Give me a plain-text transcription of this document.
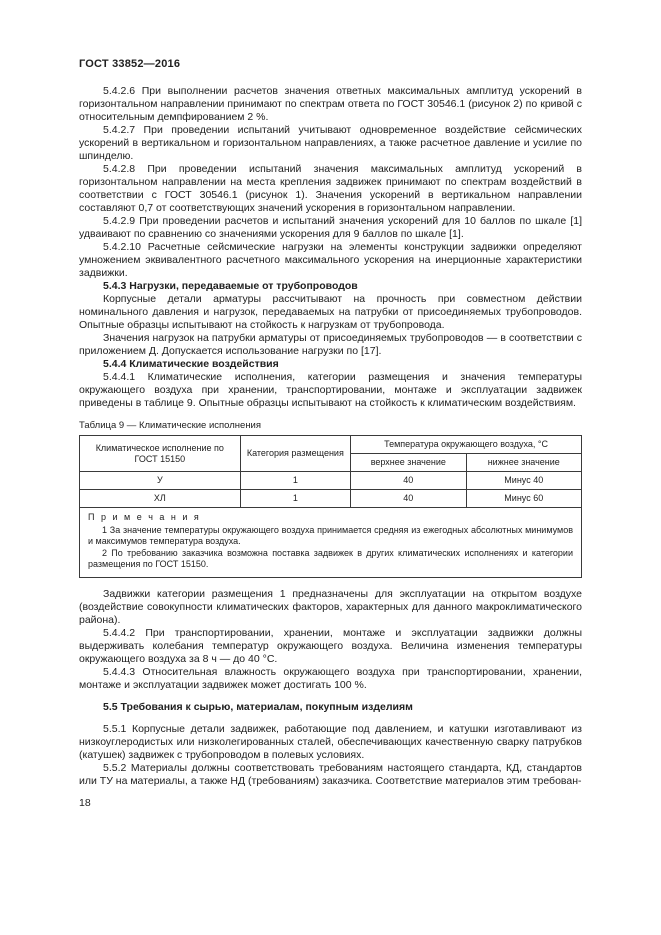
ГОСТ 33852—2016

5.4.2.6 При выполнении расчетов значения ответных максимальных амплитуд ускорений в горизонтальном направлении принимают по спектрам ответа по ГОСТ 30546.1 (рисунок 2) по кривой с относительным демпфированием 2 %.

5.4.2.7 При проведении испытаний учитывают одновременное воздействие сейсмических ускорений в вертикальном и горизонтальном направлениях, а также расчетное давление и усилие по шпинделю.

5.4.2.8 При проведении испытаний значения максимальных амплитуд ускорений в горизонтальном направлении на места крепления задвижек принимают по спектрам воздействий в соответствии с ГОСТ 30546.1 (рисунок 1). Значения ускорений в вертикальном направлении составляют 0,7 от соответствующих значений ускорения в горизонтальном направлении.

5.4.2.9 При проведении расчетов и испытаний значения ускорений для 10 баллов по шкале [1] удваивают по сравнению со значениями ускорения для 9 баллов по шкале [1].

5.4.2.10 Расчетные сейсмические нагрузки на элементы конструкции задвижки определяют умножением эквивалентного расчетного максимального ускорения на инерционные характеристики задвижки.

5.4.3 Нагрузки, передаваемые от трубопроводов

Корпусные детали арматуры рассчитывают на прочность при совместном действии номинального давления и нагрузок, передаваемых на патрубки от присоединяемых трубопроводов. Опытные образцы испытывают на стойкость к нагрузкам от трубопровода.

Значения нагрузок на патрубки арматуры от присоединяемых трубопроводов — в соответствии с приложением Д. Допускается использование нагрузки по [17].

5.4.4 Климатические воздействия

5.4.4.1 Климатические исполнения, категории размещения и значения температуры окружающего воздуха при хранении, транспортировании, монтаже и эксплуатации задвижек приведены в таблице 9. Опытные образцы испытывают на стойкость к климатическим воздействиям.

Таблица 9 — Климатические исполнения

Климатическое исполнение по ГОСТ 15150	Категория размещения	Температура окружающего воздуха, °С	
		верхнее значение	нижнее значение
У	1	40	Минус 40
ХЛ	1	40	Минус 60

П р и м е ч а н и я
1 За значение температуры окружающего воздуха принимается средняя из ежегодных абсолютных минимумов и максимумов температура воздуха.
2 По требованию заказчика возможна поставка задвижек в других климатических исполнениях и категории размещения по ГОСТ 15150.			

Задвижки категории размещения 1 предназначены для эксплуатации на открытом воздухе (воздействие совокупности климатических факторов, характерных для данного макроклиматического района).

5.4.4.2 При транспортировании, хранении, монтаже и эксплуатации задвижки должны выдерживать колебания температур окружающего воздуха. Величина изменения температуры окружающего воздуха за 8 ч — до 40 °С.

5.4.4.3 Относительная влажность окружающего воздуха при транспортировании, хранении, монтаже и эксплуатации задвижек может достигать 100 %.

5.5 Требования к сырью, материалам, покупным изделиям

5.5.1 Корпусные детали задвижек, работающие под давлением, и катушки изготавливают из низкоуглеродистых или низколегированных сталей, обеспечивающих качественную сварку патрубков (катушек) задвижек с трубопроводом в полевых условиях.

5.5.2 Материалы должны соответствовать требованиям настоящего стандарта, КД, стандартов или ТУ на материалы, а также НД (требованиям) заказчика. Соответствие материалов этим требован-

18
